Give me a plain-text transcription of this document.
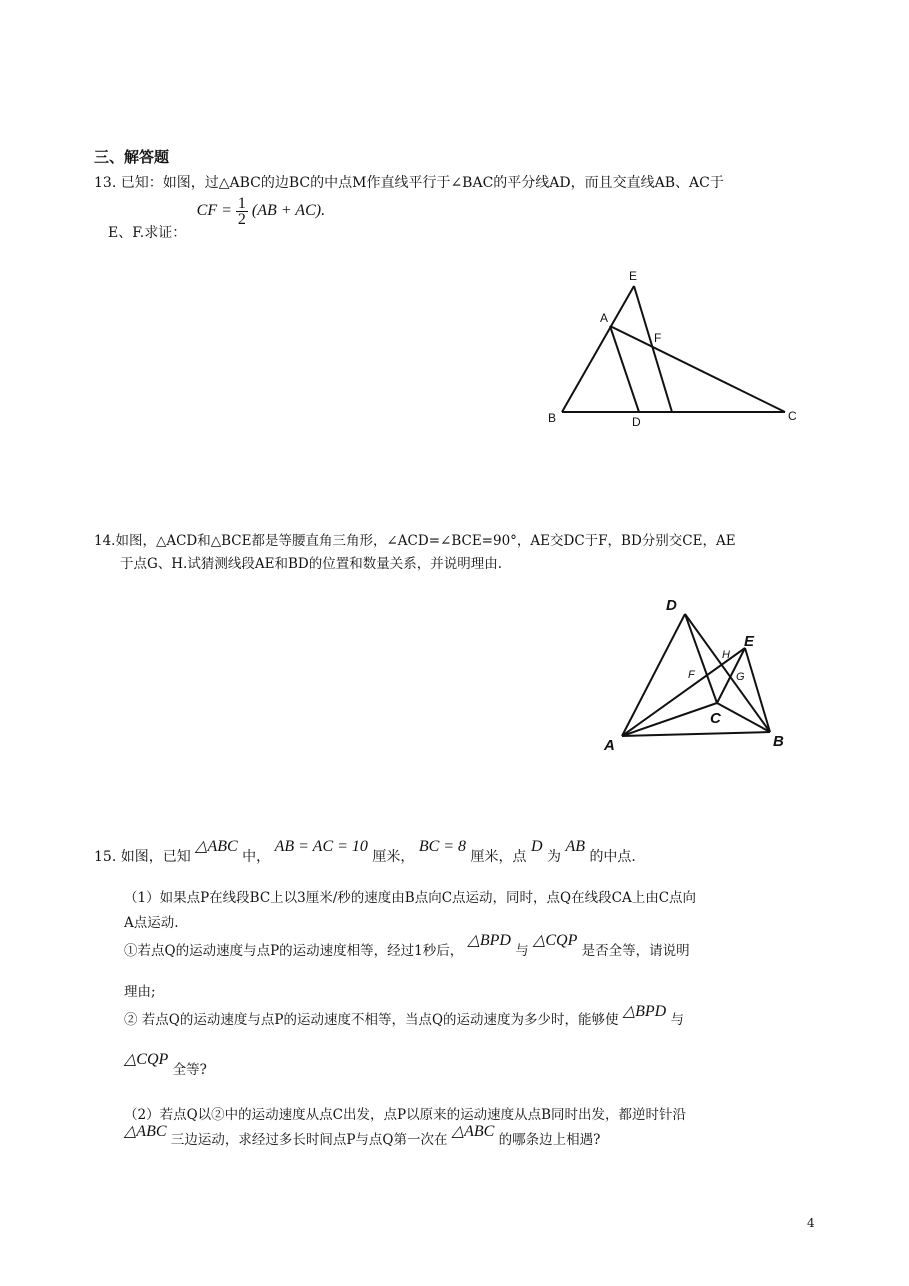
三、解答题
13. 已知：如图，过△ABC的边BC的中点M作直线平行于∠BAC的平分线AD，而且交直线AB、AC于
E、F.求证： CF = $\frac{1}{2} (AB + AC)$.
E
A
F
B	D	C
14.如图，△ACD和△BCE都是等腰直角三角形，∠ACD=∠BCE=90°，AE交DC于F，BD分别交CE，AE
于点G、H.试猜测线段AE和BD的位置和数量关系，并说明理由.
D
E
H
F	G
C
A	B
15. 如图，已知 △ABC 中， AB = AC = 10 厘米， BC = 8 厘米，点 D 为 AB 的中点.
（1）如果点P在线段BC上以3厘米/秒的速度由B点向C点运动，同时，点Q在线段CA上由C点向
A点运动.
①若点Q的运动速度与点P的运动速度相等，经过1秒后， △BPD 与 △CQP 是否全等，请说明
理由;
② 若点Q的运动速度与点P的运动速度不相等，当点Q的运动速度为多少时，能够使 △BPD 与
△CQP 全等?
（2）若点Q以②中的运动速度从点C出发，点P以原来的运动速度从点B同时出发，都逆时针沿
△ABC 三边运动，求经过多长时间点P与点Q第一次在 △ABC 的哪条边上相遇?
4
